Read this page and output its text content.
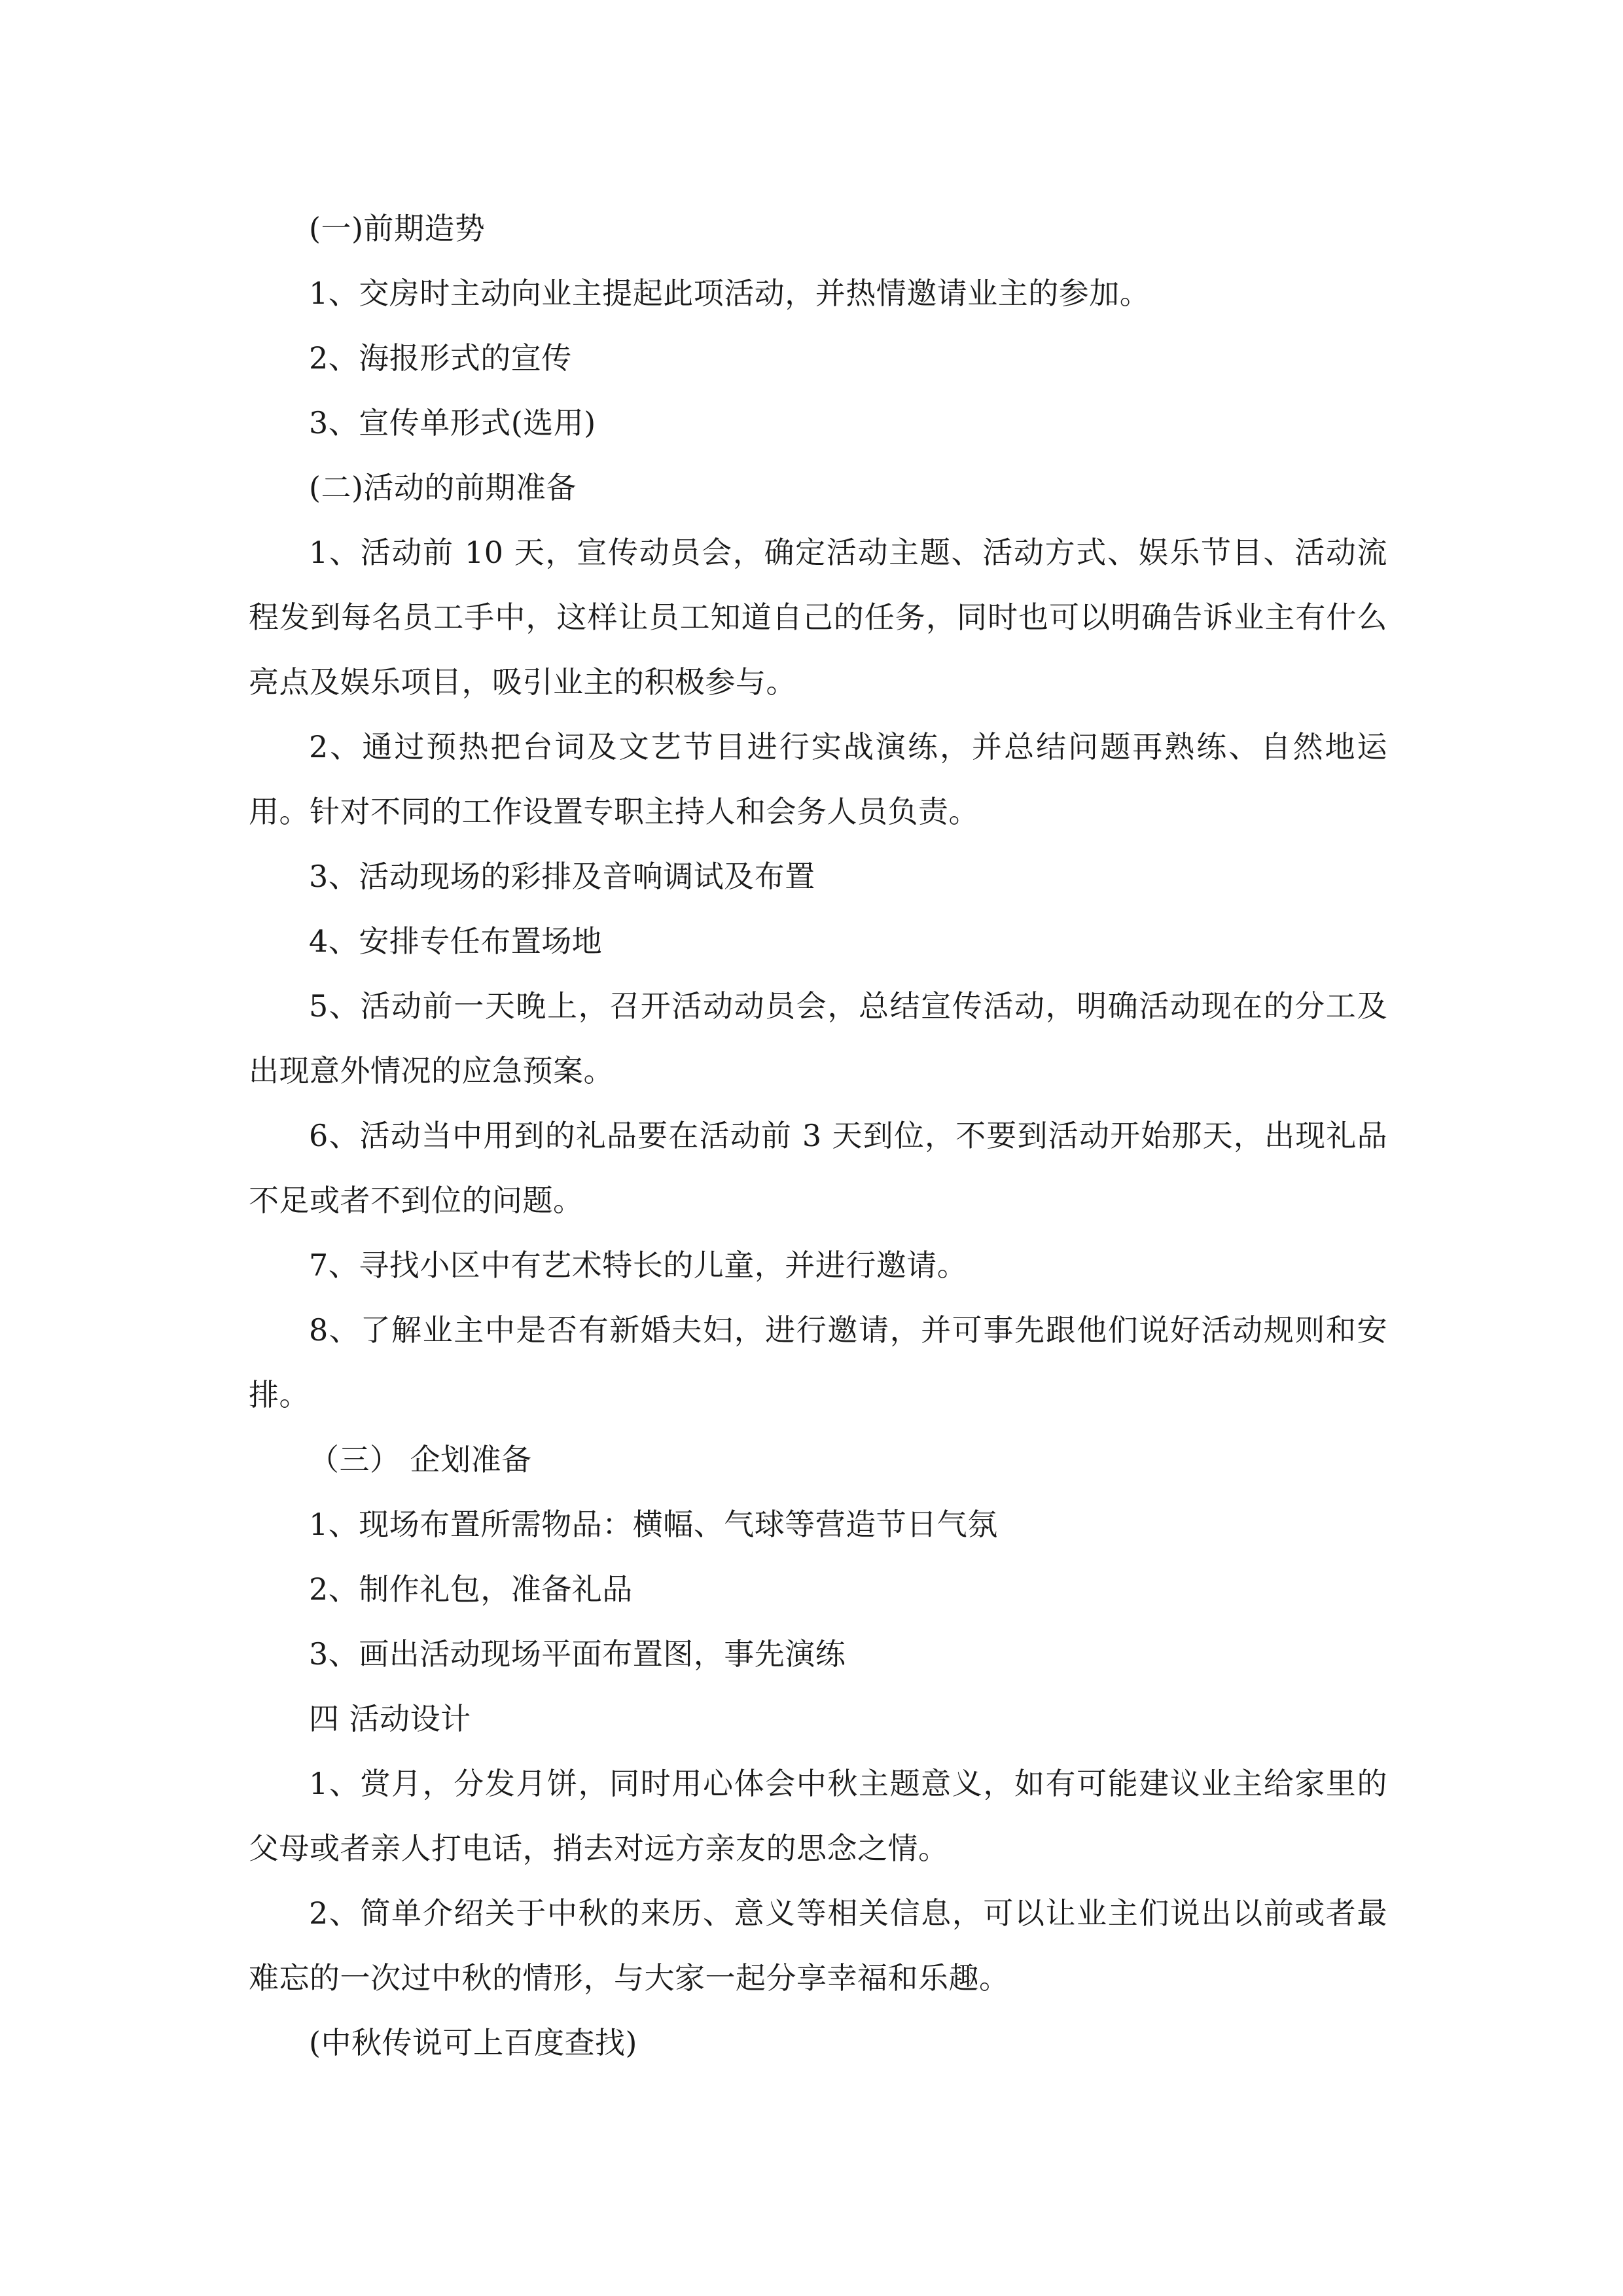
(一)前期造势

1、交房时主动向业主提起此项活动，并热情邀请业主的参加。

2、海报形式的宣传

3、宣传单形式(选用)

(二)活动的前期准备

1、活动前 10 天，宣传动员会，确定活动主题、活动方式、娱乐节目、活动流程发到每名员工手中，这样让员工知道自己的任务，同时也可以明确告诉业主有什么亮点及娱乐项目，吸引业主的积极参与。

2、通过预热把台词及文艺节目进行实战演练，并总结问题再熟练、自然地运用。针对不同的工作设置专职主持人和会务人员负责。

3、活动现场的彩排及音响调试及布置

4、安排专任布置场地

5、活动前一天晚上，召开活动动员会，总结宣传活动，明确活动现在的分工及出现意外情况的应急预案。

6、活动当中用到的礼品要在活动前 3 天到位，不要到活动开始那天，出现礼品不足或者不到位的问题。

7、寻找小区中有艺术特长的儿童，并进行邀请。

8、了解业主中是否有新婚夫妇，进行邀请，并可事先跟他们说好活动规则和安排。

（三） 企划准备

1、现场布置所需物品：横幅、气球等营造节日气氛

2、制作礼包，准备礼品

3、画出活动现场平面布置图，事先演练

四 活动设计

1、赏月，分发月饼，同时用心体会中秋主题意义，如有可能建议业主给家里的父母或者亲人打电话，捎去对远方亲友的思念之情。

2、简单介绍关于中秋的来历、意义等相关信息，可以让业主们说出以前或者最难忘的一次过中秋的情形，与大家一起分享幸福和乐趣。

(中秋传说可上百度查找)
